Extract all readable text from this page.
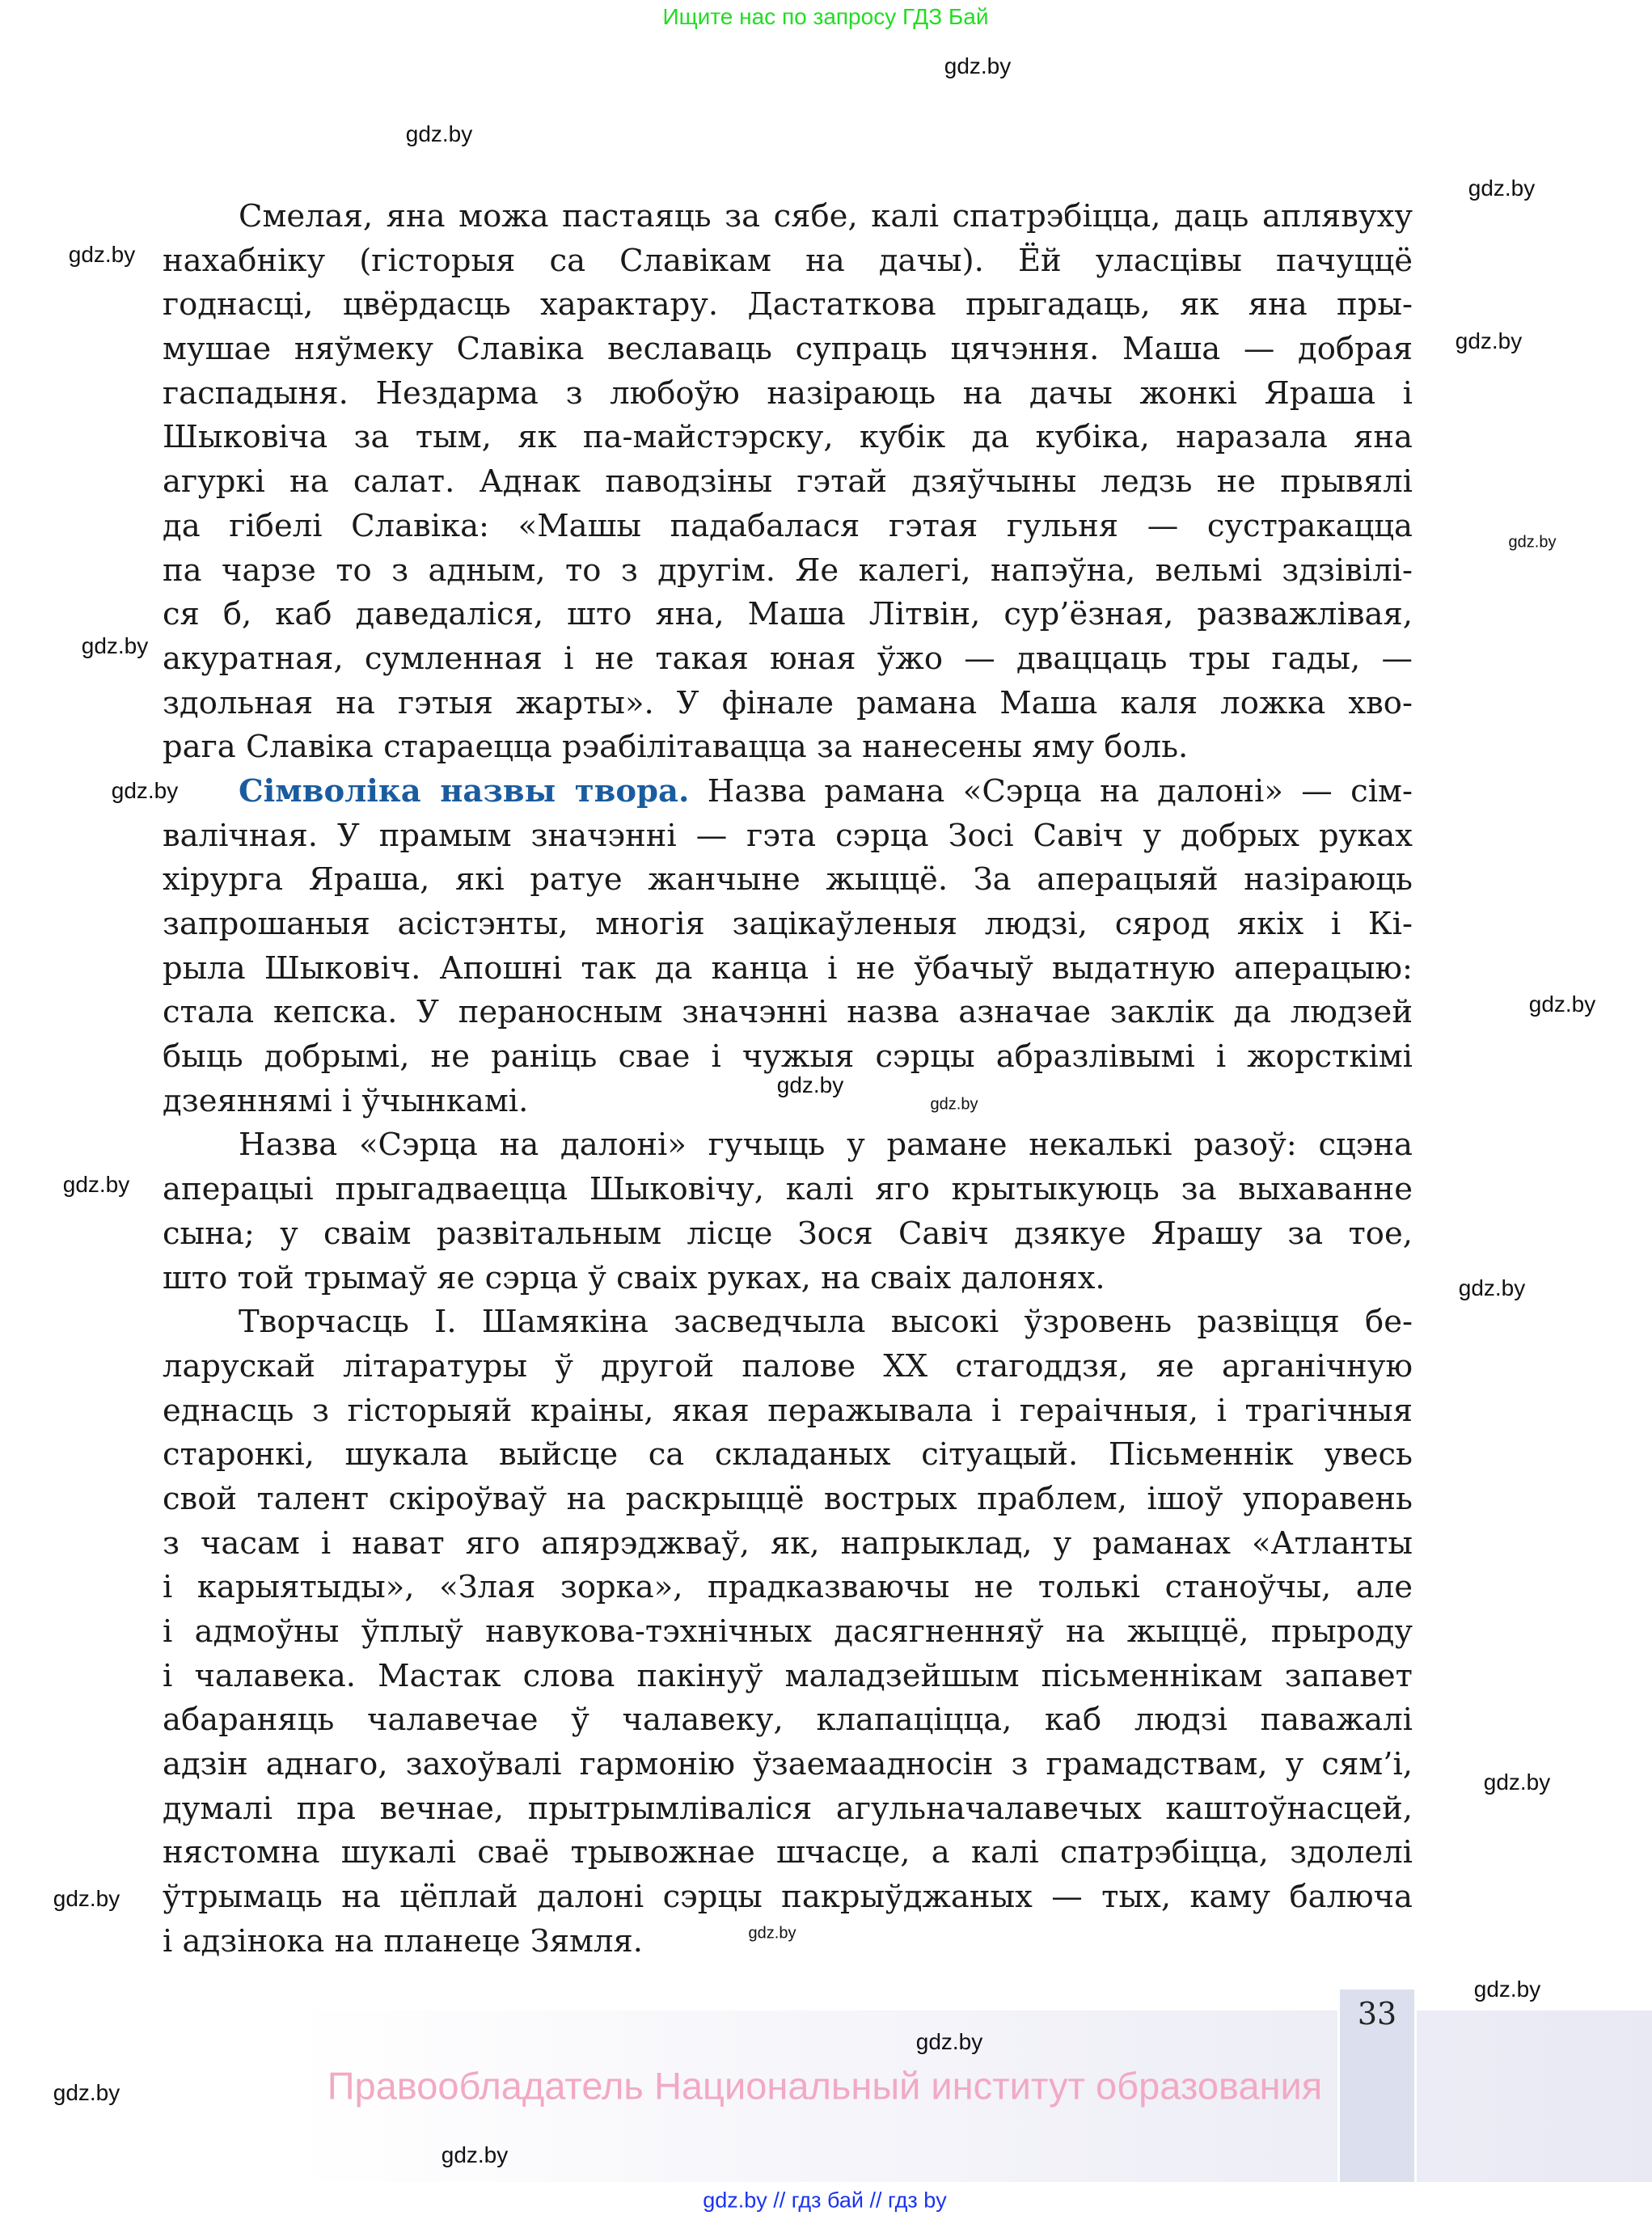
Ищите нас по запросу ГДЗ Бай
33
Правообладатель Национальный институт образования
gdz.by // гдз бай // гдз by
Смелая, яна можа пастаяць за сябе, калі спатрэбіцца, даць аплявуху
нахабніку (гісторыя са Славікам на дачы). Ёй уласцівы пачуццё
годнасці, цвёрдасць характару. Дастаткова прыгадаць, як яна пры-
мушае няўмеку Славіка веславаць супраць цячэння. Маша — добрая
гаспадыня. Нездарма з любоўю назіраюць на дачы жонкі Яраша і
Шыковіча за тым, як па-майстэрску, кубік да кубіка, наразала яна
агуркі на салат. Аднак паводзіны гэтай дзяўчыны ледзь не прывялі
да гібелі Славіка: «Машы падабалася гэтая гульня — сустракацца
па чарзе то з адным, то з другім. Яе калегі, напэўна, вельмі здзівілі-
ся б, каб даведаліся, што яна, Маша Літвін, сур’ёзная, разважлівая,
акуратная, сумленная і не такая юная ўжо — дваццаць тры гады, —
здольная на гэтыя жарты». У фінале рамана Маша каля ложка хво-
рага Славіка стараецца рэабілітавацца за нанесены яму боль.
Сімволіка назвы твора. Назва рамана «Сэрца на далоні» — сім-
валічная. У прамым значэнні — гэта сэрца Зосі Савіч у добрых руках
хірурга Яраша, які ратуе жанчыне жыццё. За аперацыяй назіраюць
запрошаныя асістэнты, многія зацікаўленыя людзі, сярод якіх і Кі-
рыла Шыковіч. Апошні так да канца і не ўбачыў выдатную аперацыю:
стала кепска. У пераносным значэнні назва азначае заклік да людзей
быць добрымі, не раніць свае і чужыя сэрцы абразлівымі і жорсткімі
дзеяннямі і ўчынкамі.
Назва «Сэрца на далоні» гучыць у рамане некалькі разоў: сцэна
аперацыі прыгадваецца Шыковічу, калі яго крытыкуюць за выхаванне
сына; у сваім развітальным лісце Зося Савіч дзякуе Ярашу за тое,
што той трымаў яе сэрца ў сваіх руках, на сваіх далонях.
Творчасць І. Шамякіна засведчыла высокі ўзровень развіцця бе-
ларускай літаратуры ў другой палове XX стагоддзя, яе арганічную
еднасць з гісторыяй краіны, якая перажывала і гераічныя, і трагічныя
старонкі, шукала выйсце са складаных сітуацый. Пісьменнік увесь
свой талент скіроўваў на раскрыццё вострых праблем, ішоў упоравень
з часам і нават яго апярэджваў, як, напрыклад, у раманах «Атланты
і карыятыды», «Злая зорка», прадказваючы не толькі станоўчы, але
і адмоўны ўплыў навукова-тэхнічных дасягненняў на жыццё, прыроду
і чалавека. Мастак слова пакінуў маладзейшым пісьменнікам запавет
абараняць чалавечае ў чалавеку, клапаціцца, каб людзі паважалі
адзін аднаго, захоўвалі гармонію ўзаемаадносін з грамадствам, у сям’і,
думалі пра вечнае, прытрымліваліся агульначалавечых каштоўнасцей,
нястомна шукалі сваё трывожнае шчасце, а калі спатрэбіцца, здолелі
ўтрымаць на цёплай далоні сэрцы пакрыўджаных — тых, каму балюча
і адзінока на планеце Зямля.
gdz.by
gdz.by
gdz.by
gdz.by
gdz.by
gdz.by
gdz.by
gdz.by
gdz.by
gdz.by
gdz.by
gdz.by
gdz.by
gdz.by
gdz.by
gdz.by
gdz.by
gdz.by
gdz.by
gdz.by
